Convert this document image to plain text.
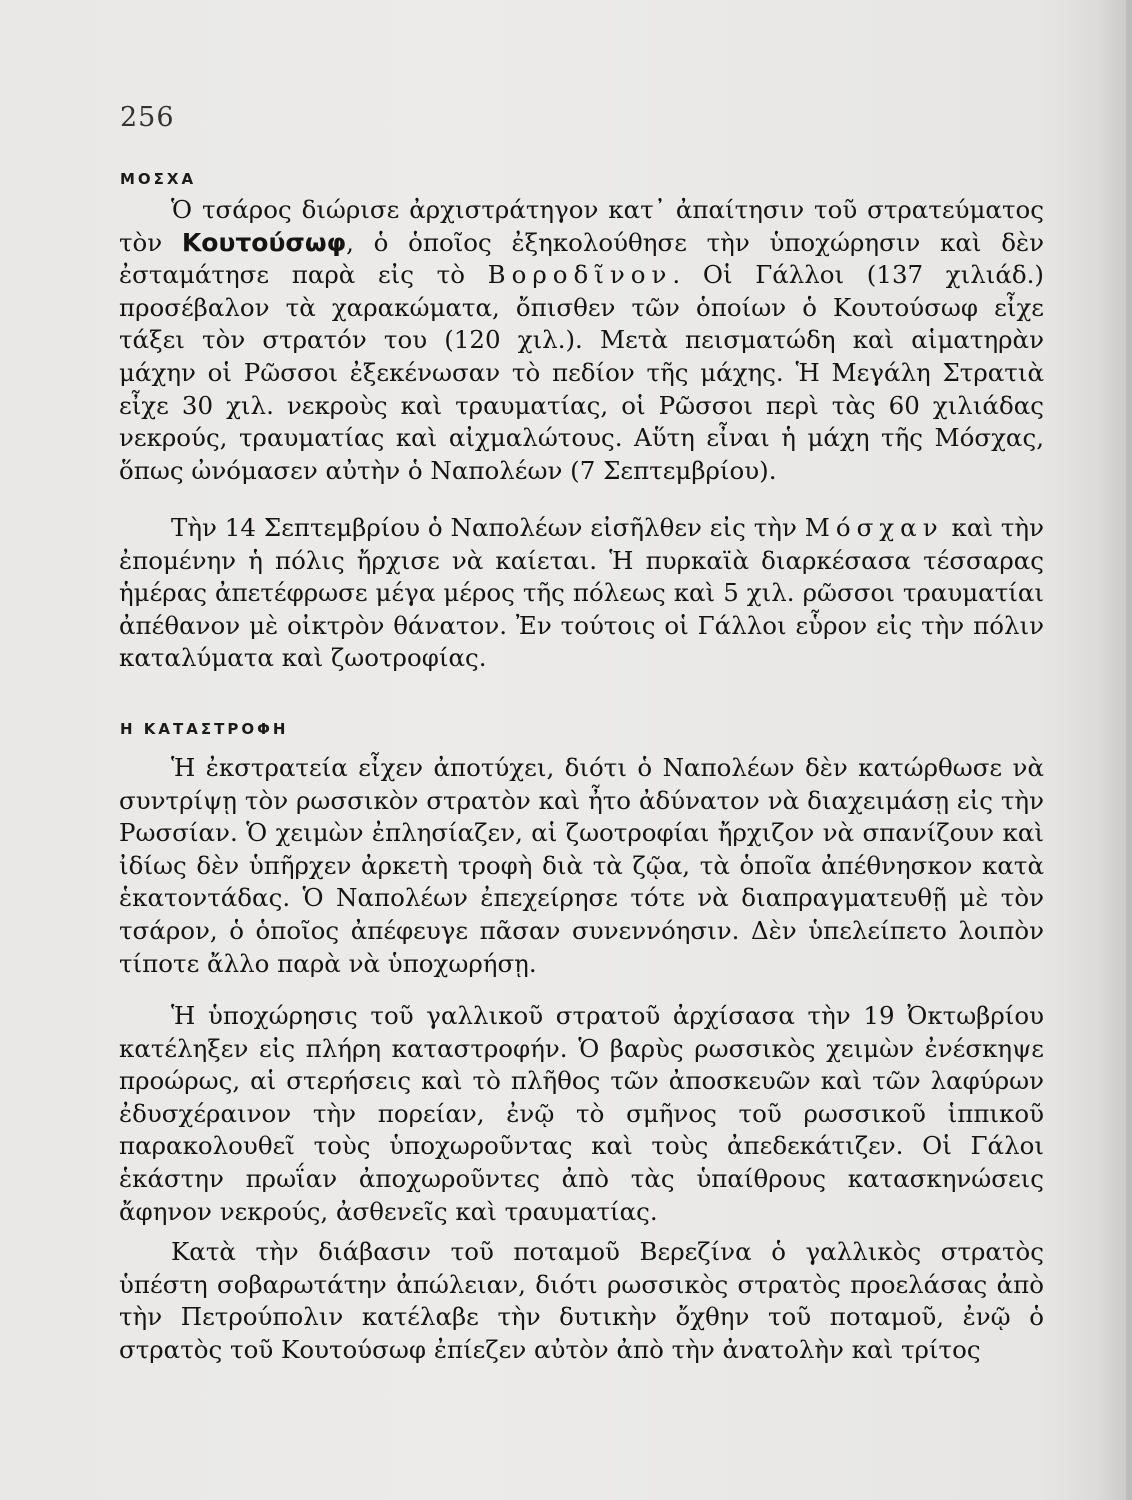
256
ΜΟΣΧΑ

Ὁ τσάρος διώρισε ἀρχιστράτηγον κατ᾽ ἀπαίτησιν τοῦ στρατεύματος τὸν Κουτούσωφ, ὁ ὁποῖος ἐξηκολούθησε τὴν ὑποχώρησιν καὶ δὲν ἐσταμάτησε παρὰ εἰς τὸ Βοροδῖνον. Οἱ Γάλλοι (137 χιλιάδ.) προσέβαλον τὰ χαρακώματα, ὄπισθεν τῶν ὁποίων ὁ Κουτούσωφ εἶχε τάξει τὸν στρατόν του (120 χιλ.). Μετὰ πεισματώδη καὶ αἱματηρὰν μάχην οἱ Ρῶσσοι ἐξεκένωσαν τὸ πεδίον τῆς μάχης. Ἡ Μεγάλη Στρατιὰ εἶχε 30 χιλ. νεκροὺς καὶ τραυματίας, οἱ Ρῶσσοι περὶ τὰς 60 χιλιάδας νεκρούς, τραυματίας καὶ αἰχμαλώτους. Αὕτη εἶναι ἡ μάχη τῆς Μόσχας, ὅπως ὠνόμασεν αὐτὴν ὁ Ναπολέων (7 Σεπτεμβρίου).

Τὴν 14 Σεπτεμβρίου ὁ Ναπολέων εἰσῆλθεν εἰς τὴν Μόσχαν καὶ τὴν ἐπομένην ἡ πόλις ἤρχισε νὰ καίεται. Ἡ πυρκαϊὰ διαρκέσασα τέσσαρας ἡμέρας ἀπετέφρωσε μέγα μέρος τῆς πόλεως καὶ 5 χιλ. ρῶσσοι τραυματίαι ἀπέθανον μὲ οἰκτρὸν θάνατον. Ἐν τούτοις οἱ Γάλλοι εὗρον εἰς τὴν πόλιν καταλύματα καὶ ζωοτροφίας.

Η ΚΑΤΑΣΤΡΟΦΗ

Ἡ ἐκστρατεία εἶχεν ἀποτύχει, διότι ὁ Ναπολέων δὲν κατώρθωσε νὰ συντρίψῃ τὸν ρωσσικὸν στρατὸν καὶ ἦτο ἀδύνατον νὰ διαχειμάσῃ εἰς τὴν Ρωσσίαν. Ὁ χειμὼν ἐπλησίαζεν, αἱ ζωοτροφίαι ἤρχιζον νὰ σπανίζουν καὶ ἰδίως δὲν ὑπῆρχεν ἀρκετὴ τροφὴ διὰ τὰ ζῷα, τὰ ὁποῖα ἀπέθνησκον κατὰ ἑκατοντάδας. Ὁ Ναπολέων ἐπεχείρησε τότε νὰ διαπραγματευθῇ μὲ τὸν τσάρον, ὁ ὁποῖος ἀπέφευγε πᾶσαν συνεννόησιν. Δὲν ὑπελείπετο λοιπὸν τίποτε ἄλλο παρὰ νὰ ὑποχωρήσῃ.

Ἡ ὑποχώρησις τοῦ γαλλικοῦ στρατοῦ ἀρχίσασα τὴν 19 Ὀκτωβρίου κατέληξεν εἰς πλήρη καταστροφήν. Ὁ βαρὺς ρωσσικὸς χειμὼν ἐνέσκηψε προώρως, αἱ στερήσεις καὶ τὸ πλῆθος τῶν ἀποσκευῶν καὶ τῶν λαφύρων ἐδυσχέραινον τὴν πορείαν, ἐνῷ τὸ σμῆνος τοῦ ρωσσικοῦ ἱππικοῦ παρακολουθεῖ τοὺς ὑποχωροῦντας καὶ τοὺς ἀπεδεκάτιζεν. Οἱ Γάλοι ἑκάστην πρωΐαν ἀποχωροῦντες ἀπὸ τὰς ὑπαίθρους κατασκηνώσεις ἄφηνον νεκρούς, ἀσθενεῖς καὶ τραυματίας.

Κατὰ τὴν διάβασιν τοῦ ποταμοῦ Βερεζίνα ὁ γαλλικὸς στρατὸς ὑπέστη σοβαρωτάτην ἀπώλειαν, διότι ρωσσικὸς στρατὸς προελάσας ἀπὸ τὴν Πετρούπολιν κατέλαβε τὴν δυτικὴν ὄχθην τοῦ ποταμοῦ, ἐνῷ ὁ στρατὸς τοῦ Κουτούσωφ ἐπίεζεν αὐτὸν ἀπὸ τὴν ἀνατολὴν καὶ τρίτος
